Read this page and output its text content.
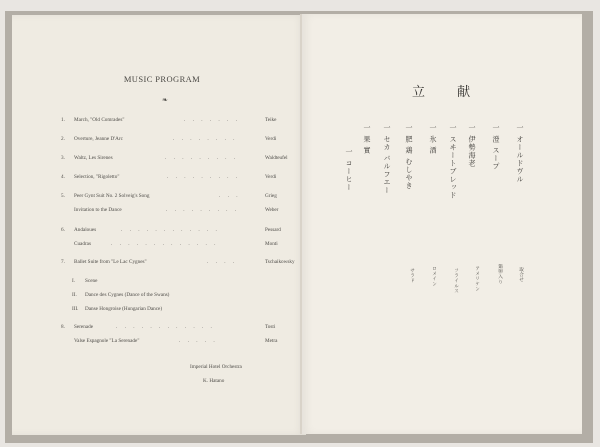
MUSIC PROGRAM
❧
1. March, "Old Comrades"	. . . . . . .	Teike
2. Overture, Jeanne D'Arc	. . . . . . . .	Verdi
3. Waltz, Les Sirenes	. . . . . . . . .	Waldteufel
4. Selection, "Rigoletto"	. . . . . . . . .	Verdi
5. Peer Gynt Suit No. 2 Solveig's Song	. . .	Grieg
Invitation to the Dance	. . . . . . . . .	Weber
6. Andaloues	. . . . . . . . . . . .	Pessard
Cuadras	. . . . . . . . . . . . .	Monti
7. Ballet Suite from "Le Lac Cygnes"	. . . .	Tschaikowsky
I. Scene
II. Dance des Cygnes (Dance of the Swans)
III. Danse Hongroise (Hungarian Dance)
8. Serenade	. . . . . . . . . . . .	Tosti
Valse Espagnole "La Serenade"	. . . . .	Metra
Imperial Hotel Orchestra
K. Hatano
立 献
一 オールドヴル
一 澄 スープ
一 伊勢海老
一 スヰートブレッド
一 氷 酒
一 肥 鶏 むしやき
一 セカ バルフエー
一 果 實
一 コーヒー
取合せ
鶏卵入り
アメリケン
フライルス
ロメイン
サラド
